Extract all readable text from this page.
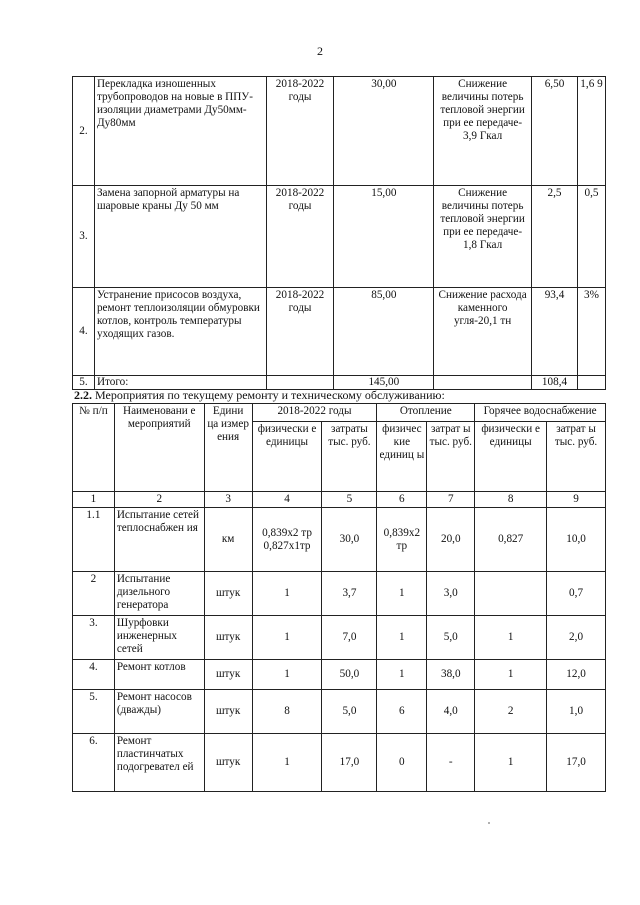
2
2.	Перекладка изношенных трубопроводов на новые в ППУ-изоляции диаметрами Ду50мм-Ду80мм	2018-2022 годы	30,00	Снижение величины потерь тепловой энергии при ее передаче- 3,9 Гкал	6,50	1,6 9
3.	Замена запорной арматуры на шаровые краны Ду 50 мм	2018-2022 годы	15,00	Снижение величины потерь тепловой энергии при ее передаче- 1,8 Гкал	2,5	0,5
4.	Устранение присосов воздуха, ремонт теплоизоляции обмуровки котлов, контроль температуры уходящих газов.	2018-2022 годы	85,00	Снижение расхода каменного угля-20,1 тн	93,4	3%
5.	Итого:		145,00		108,4	
2.2. Мероприятия по текущему ремонту и техническому обслуживанию:
№ п/п	Наименовани е мероприятий	Едини ца измер ения	2018-2022 годы		Отопление		Горячее водоснабжение	
			физически е единицы	затраты тыс. руб.	физичес кие единиц ы	затрат ы тыс. руб.	физически е единицы	затрат ы тыс. руб.
1	2	3	4	5	6	7	8	9
1.1	Испытание сетей теплоснабжен ия	км	0,839х2 тр 0,827х1тр	30,0	0,839х2 тр	20,0	0,827	10,0
2	Испытание дизельного генератора	штук	1	3,7	1	3,0		0,7
3.	Шурфовки инженерных сетей	штук	1	7,0	1	5,0	1	2,0
4.	Ремонт котлов	штук	1	50,0	1	38,0	1	12,0
5.	Ремонт насосов (дважды)	штук	8	5,0	6	4,0	2	1,0
6.	Ремонт пластинчатых подогревател ей	штук	1	17,0	0	-	1	17,0
